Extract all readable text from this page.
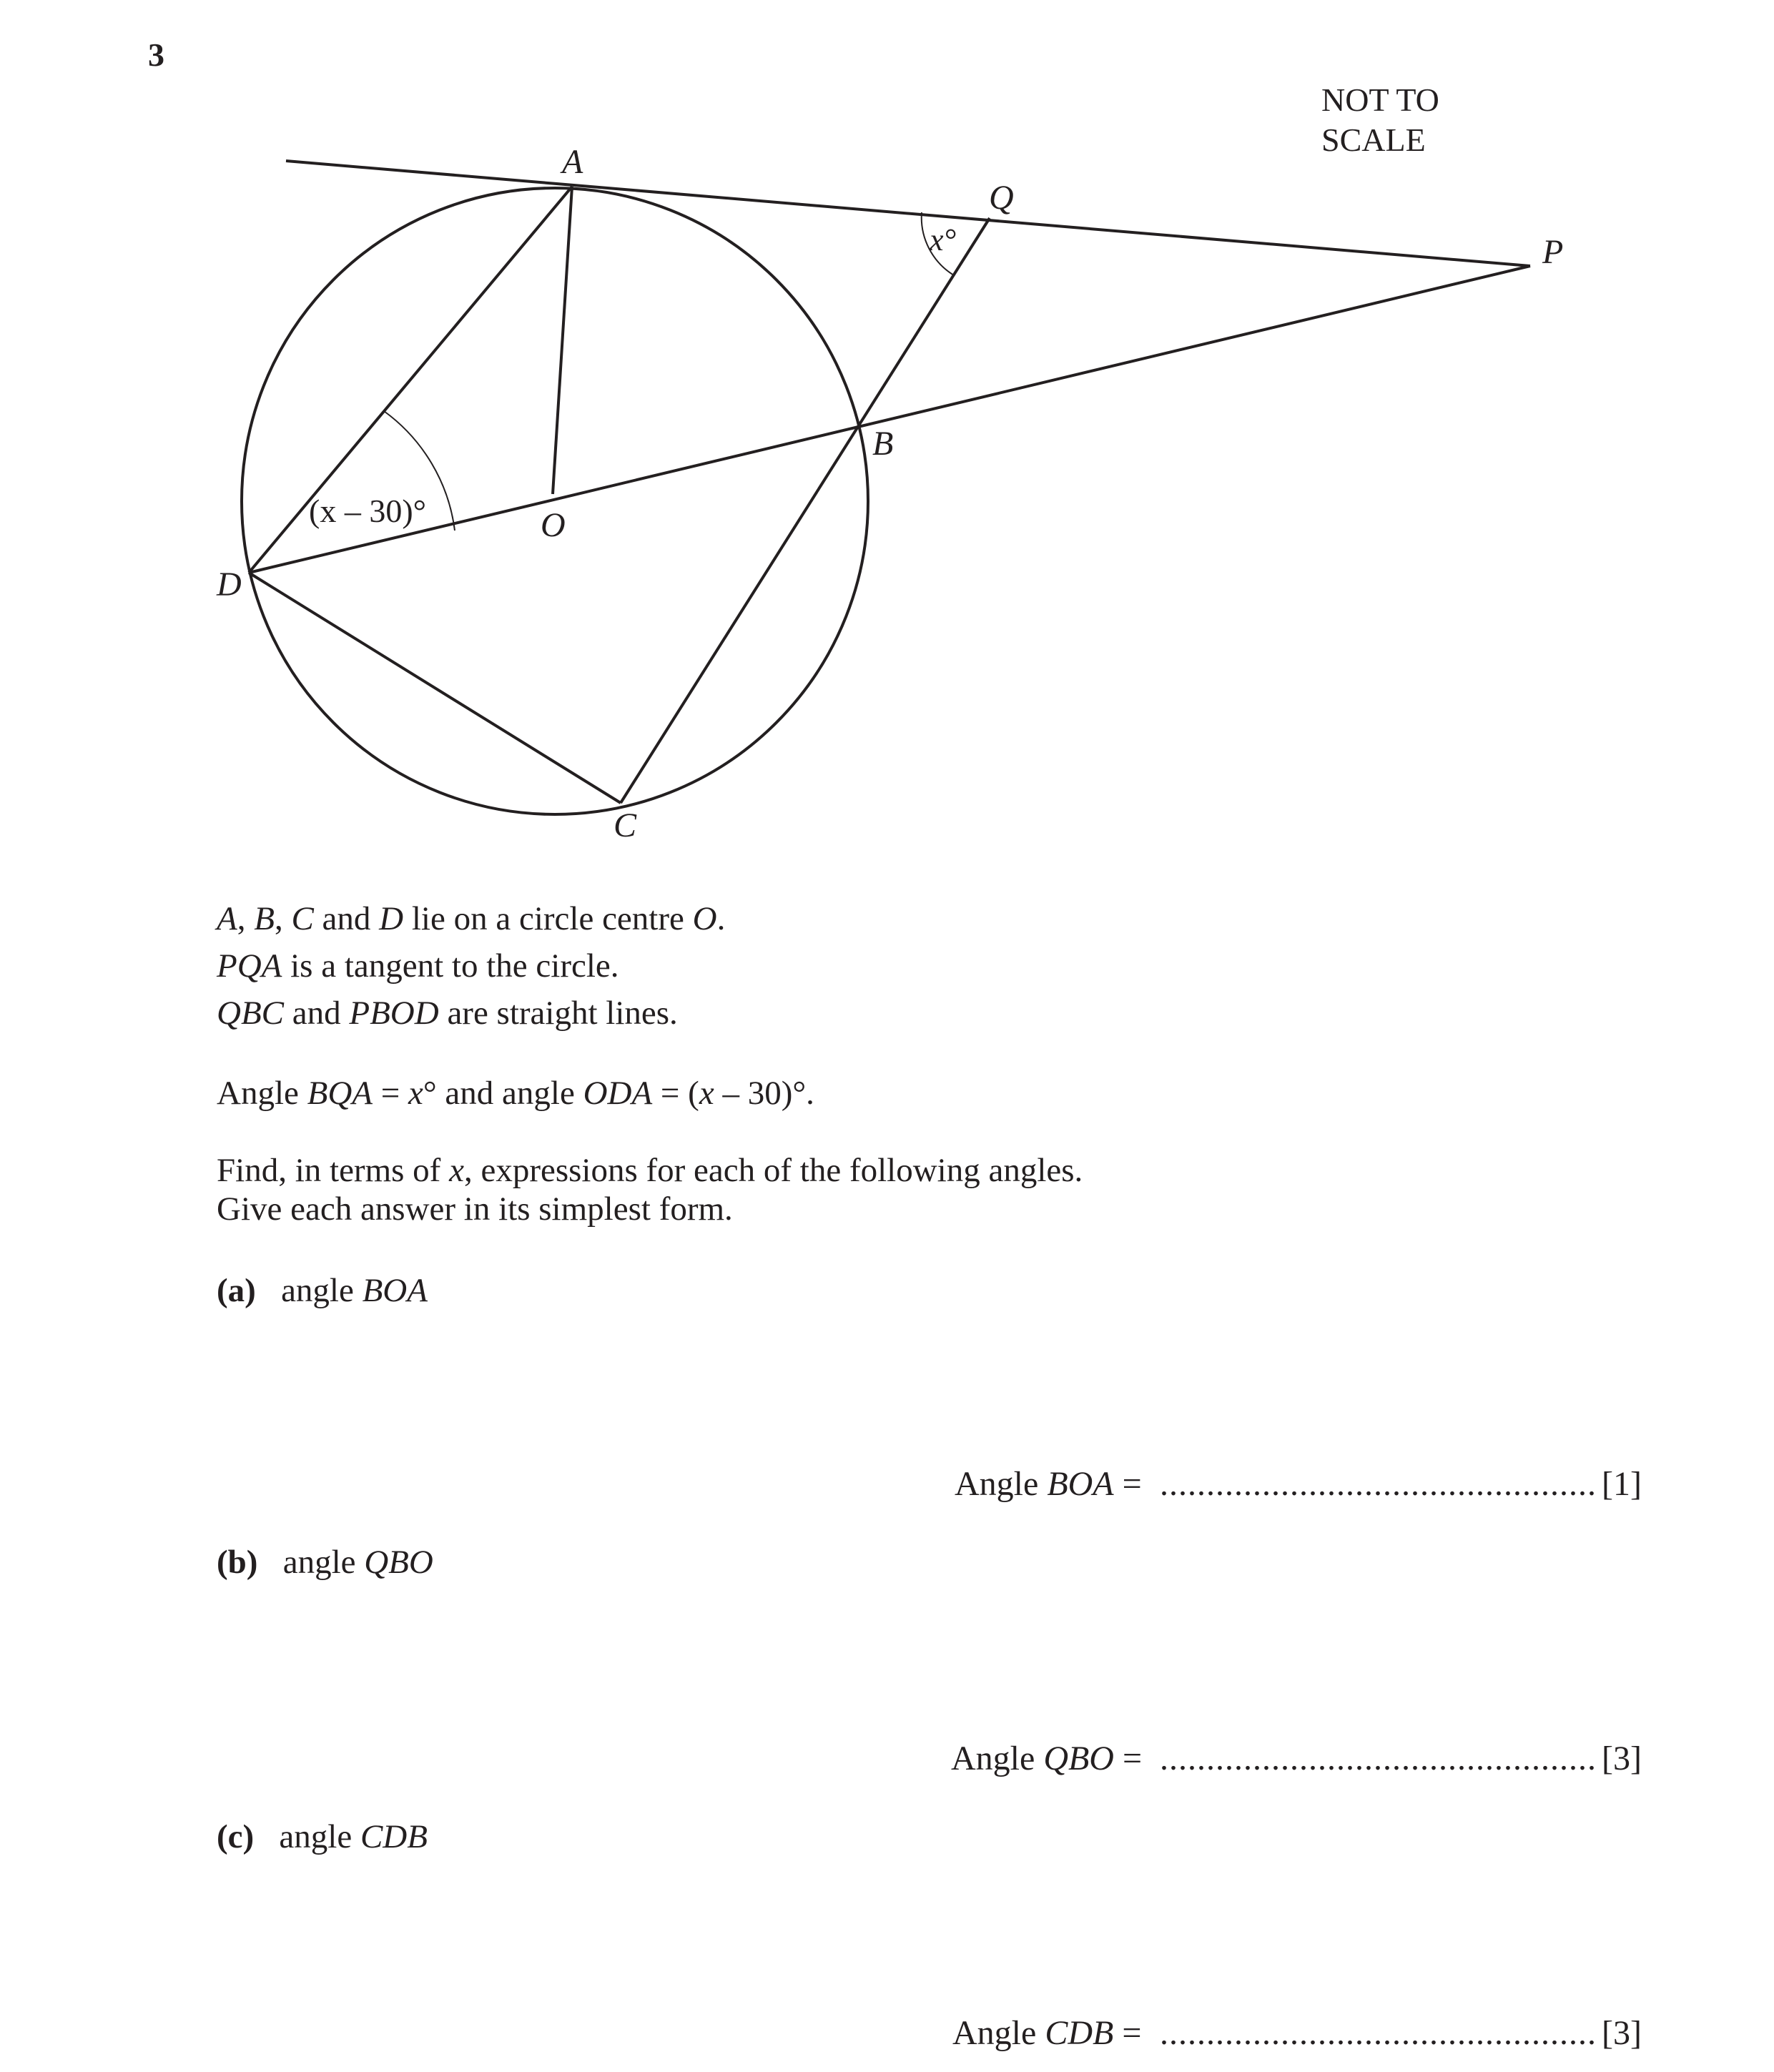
3
NOT TO
SCALE
A
Q
P
B
O
D
C
x°
(x – 30)°
A, B, C and D lie on a circle centre O.
PQA is a tangent to the circle.
QBC and PBOD are straight lines.
Angle BQA = x° and angle ODA = (x – 30)°.
Find, in terms of x, expressions for each of the following angles.
Give each answer in its simplest form.
(a) angle BOA
Angle BOA = ............................................... [1]
(b) angle QBO
Angle QBO = ............................................... [3]
(c) angle CDB
Angle CDB = ............................................... [3]
